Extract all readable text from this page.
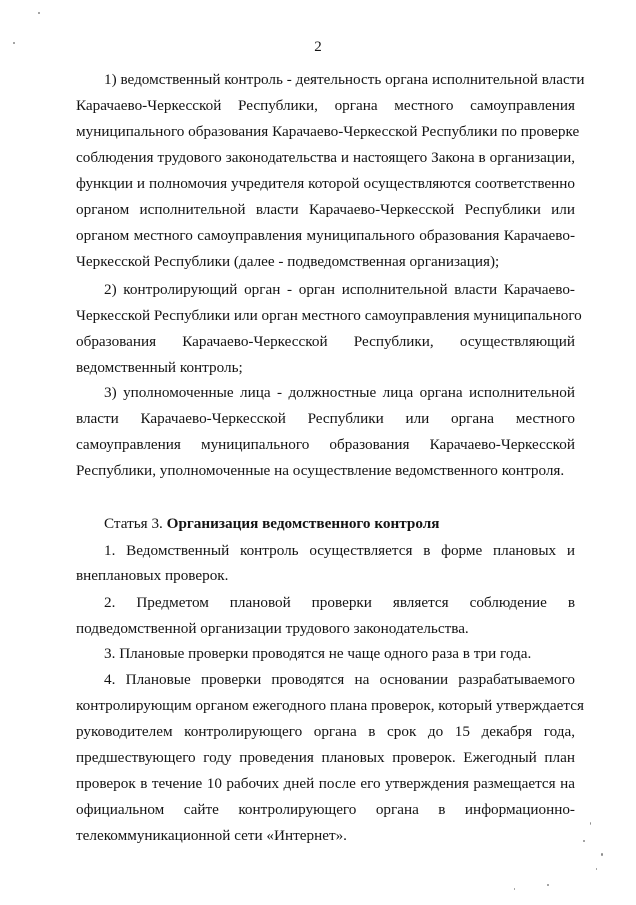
2
1) ведомственный контроль - деятельность органа исполнительной власти
Карачаево-Черкесской Республики, органа местного самоуправления
муниципального образования Карачаево-Черкесской Республики по проверке
соблюдения трудового законодательства и настоящего Закона в организации,
функции и полномочия учредителя которой осуществляются соответственно
органом исполнительной власти Карачаево-Черкесской Республики или
органом местного самоуправления муниципального образования Карачаево-
Черкесской Республики (далее - подведомственная организация);
2) контролирующий орган - орган исполнительной власти Карачаево-
Черкесской Республики или орган местного самоуправления муниципального
образования Карачаево-Черкесской Республики, осуществляющий
ведомственный контроль;
3) уполномоченные лица - должностные лица органа исполнительной
власти Карачаево-Черкесской Республики или органа местного
самоуправления муниципального образования Карачаево-Черкесской
Республики, уполномоченные на осуществление ведомственного контроля.
Статья 3. Организация ведомственного контроля
1. Ведомственный контроль осуществляется в форме плановых и
внеплановых проверок.
2. Предметом плановой проверки является соблюдение в
подведомственной организации трудового законодательства.
3. Плановые проверки проводятся не чаще одного раза в три года.
4. Плановые проверки проводятся на основании разрабатываемого
контролирующим органом ежегодного плана проверок, который утверждается
руководителем контролирующего органа в срок до 15 декабря года,
предшествующего году проведения плановых проверок. Ежегодный план
проверок в течение 10 рабочих дней после его утверждения размещается на
официальном сайте контролирующего органа в информационно-
телекоммуникационной сети «Интернет».
